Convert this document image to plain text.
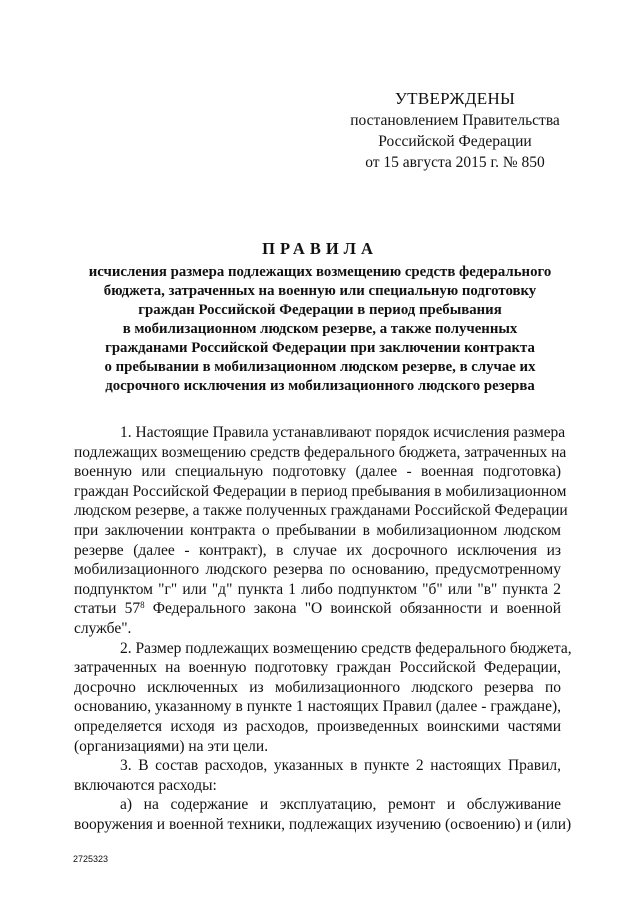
УТВЕРЖДЕНЫ
постановлением Правительства
Российской Федерации
от 15 августа 2015 г. № 850
ПРАВИЛА
исчисления размера подлежащих возмещению средств федерального
бюджета, затраченных на военную или специальную подготовку
граждан Российской Федерации в период пребывания
в мобилизационном людском резерве, а также полученных
гражданами Российской Федерации при заключении контракта
о пребывании в мобилизационном людском резерве, в случае их
досрочного исключения из мобилизационного людского резерва
1. Настоящие Правила устанавливают порядок исчисления размера
подлежащих возмещению средств федерального бюджета, затраченных на
военную или специальную подготовку (далее - военная подготовка)
граждан Российской Федерации в период пребывания в мобилизационном
людском резерве, а также полученных гражданами Российской Федерации
при заключении контракта о пребывании в мобилизационном людском
резерве (далее - контракт), в случае их досрочного исключения из
мобилизационного людского резерва по основанию, предусмотренному
подпунктом "г" или "д" пункта 1 либо подпунктом "б" или "в" пункта 2
статьи $57^8$ Федерального закона "О воинской обязанности и военной
службе".
2. Размер подлежащих возмещению средств федерального бюджета,
затраченных на военную подготовку граждан Российской Федерации,
досрочно исключенных из мобилизационного людского резерва по
основанию, указанному в пункте 1 настоящих Правил (далее - граждане),
определяется исходя из расходов, произведенных воинскими частями
(организациями) на эти цели.
3. В состав расходов, указанных в пункте 2 настоящих Правил,
включаются расходы:
а) на содержание и эксплуатацию, ремонт и обслуживание
вооружения и военной техники, подлежащих изучению (освоению) и (или)
2725323
